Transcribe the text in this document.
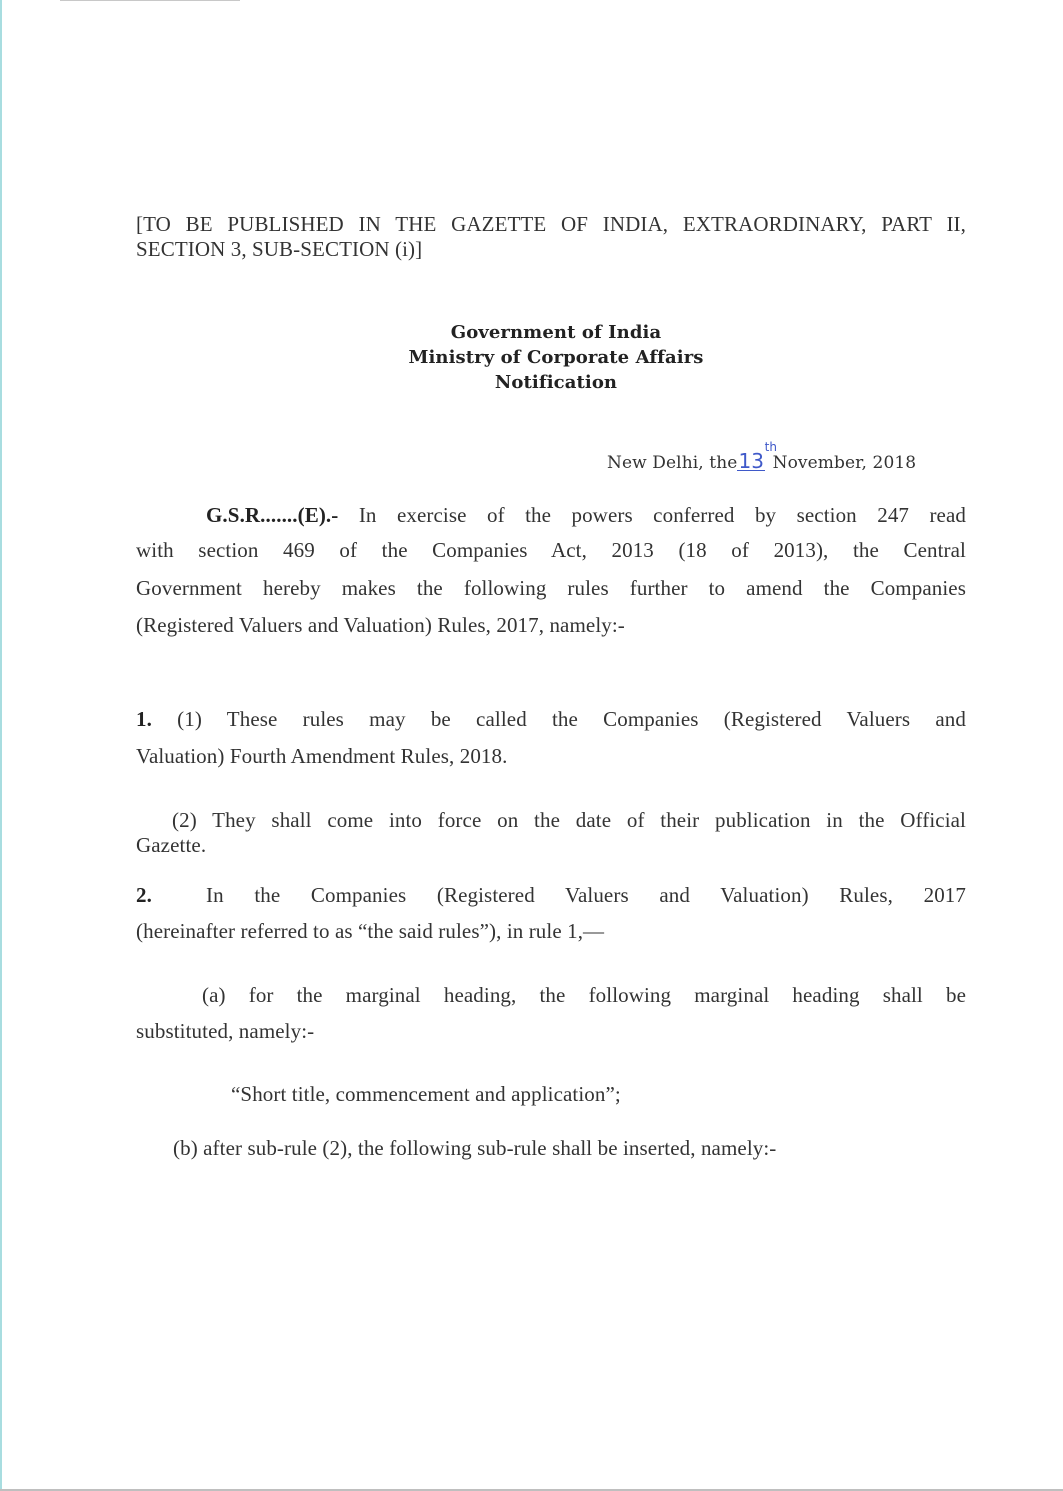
[TO BE PUBLISHED IN THE GAZETTE OF INDIA, EXTRAORDINARY, PART II,
SECTION 3, SUB-SECTION (i)]
Government of India
Ministry of Corporate Affairs
Notification
New Delhi, the13
th
November, 2018
G.S.R.......(E).- In exercise of the powers conferred by section 247 read
with section 469 of the Companies Act, 2013 (18 of 2013), the Central
Government hereby makes the following rules further to amend the Companies
(Registered Valuers and Valuation) Rules, 2017, namely:-
1. (1) These rules may be called the Companies (Registered Valuers and
Valuation) Fourth Amendment Rules, 2018.
(2) They shall come into force on the date of their publication in the Official
Gazette.
2.	In the Companies (Registered Valuers and Valuation) Rules, 2017
(hereinafter referred to as “the said rules”), in rule 1,—
(a) for the marginal heading, the following marginal heading shall be
substituted, namely:-
“Short title, commencement and application”;
(b) after sub-rule (2), the following sub-rule shall be inserted, namely:-
